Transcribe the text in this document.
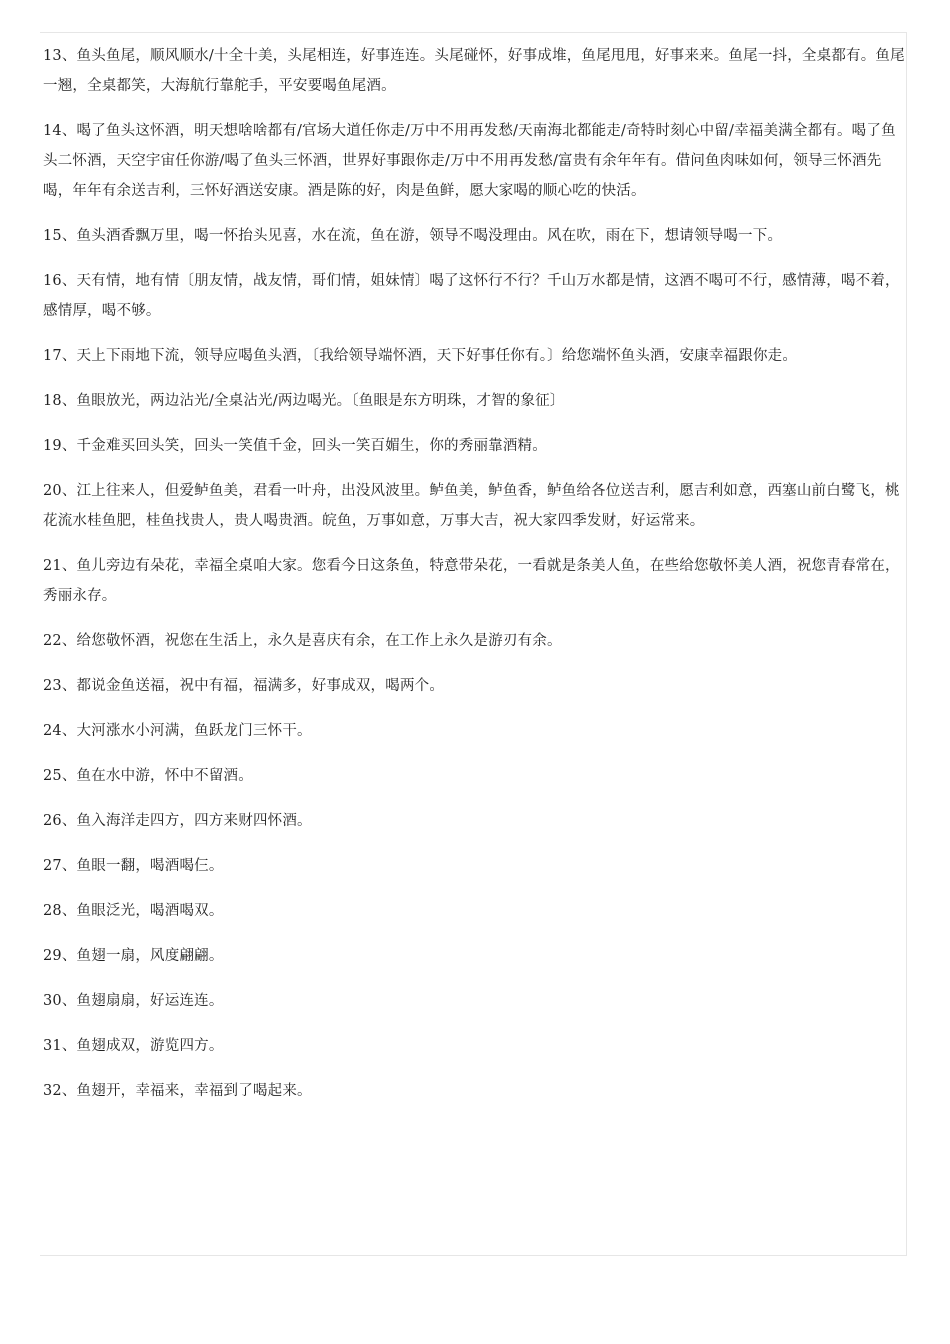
13、鱼头鱼尾，顺风顺水/十全十美，头尾相连，好事连连。头尾碰怀，好事成堆，鱼尾甩甩，好事来来。鱼尾一抖，全桌都有。鱼尾一翘，全桌都笑，大海航行靠舵手，平安要喝鱼尾酒。

14、喝了鱼头这怀酒，明天想啥啥都有/官场大道任你走/万中不用再发愁/天南海北都能走/奇特时刻心中留/幸福美满全都有。喝了鱼头二怀酒，天空宇宙任你游/喝了鱼头三怀酒，世界好事跟你走/万中不用再发愁/富贵有余年年有。借问鱼肉味如何，领导三怀酒先喝，年年有余送吉利，三怀好酒送安康。酒是陈的好，肉是鱼鲜，愿大家喝的顺心吃的快活。

15、鱼头酒香飘万里，喝一怀抬头见喜，水在流，鱼在游，领导不喝没理由。风在吹，雨在下，想请领导喝一下。

16、天有情，地有情〔朋友情，战友情，哥们情，姐妹情〕喝了这怀行不行？千山万水都是情，这酒不喝可不行，感情薄，喝不着，感情厚，喝不够。

17、天上下雨地下流，领导应喝鱼头酒，〔我给领导端怀酒，天下好事任你有。〕给您端怀鱼头酒，安康幸福跟你走。

18、鱼眼放光，两边沾光/全桌沾光/两边喝光。〔鱼眼是东方明珠，才智的象征〕

19、千金难买回头笑，回头一笑值千金，回头一笑百媚生，你的秀丽靠酒精。

20、江上往来人，但爱鲈鱼美，君看一叶舟，出没风波里。鲈鱼美，鲈鱼香，鲈鱼给各位送吉利，愿吉利如意，西塞山前白鹭飞，桃花流水桂鱼肥，桂鱼找贵人，贵人喝贵酒。皖鱼，万事如意，万事大吉，祝大家四季发财，好运常来。

21、鱼儿旁边有朵花，幸福全桌咱大家。您看今日这条鱼，特意带朵花，一看就是条美人鱼，在些给您敬怀美人酒，祝您青春常在，秀丽永存。

22、给您敬怀酒，祝您在生活上，永久是喜庆有余，在工作上永久是游刃有余。

23、都说金鱼送福，祝中有福，福满多，好事成双，喝两个。

24、大河涨水小河满，鱼跃龙门三怀干。

25、鱼在水中游，怀中不留酒。

26、鱼入海洋走四方，四方来财四怀酒。

27、鱼眼一翻，喝酒喝仨。

28、鱼眼泛光，喝酒喝双。

29、鱼翅一扇，风度翩翩。

30、鱼翅扇扇，好运连连。

31、鱼翅成双，游览四方。

32、鱼翅开，幸福来，幸福到了喝起来。
